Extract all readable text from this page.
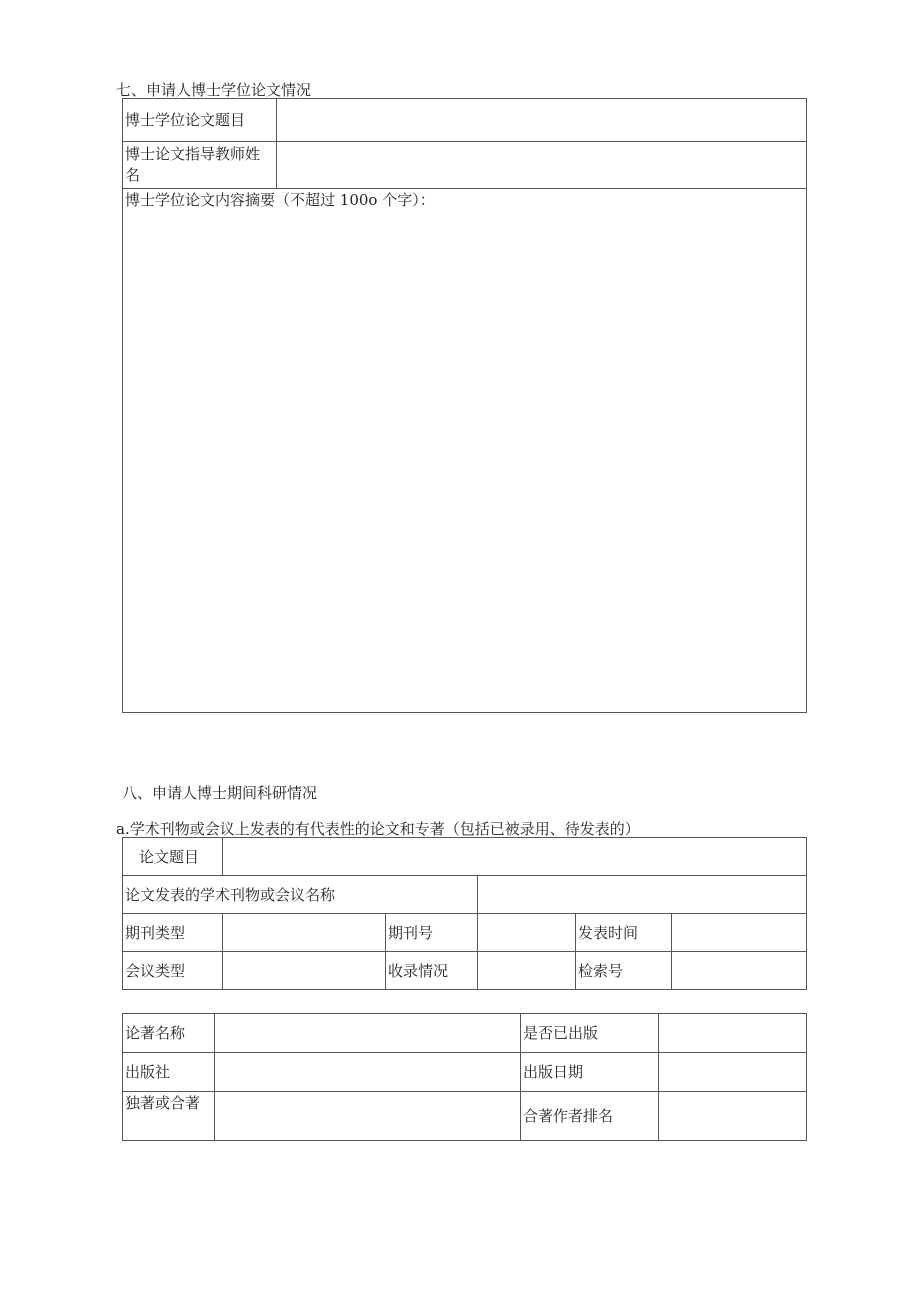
七、申请人博士学位论文情况
博士学位论文题目	

博士论文指导教师姓名	

博士学位论文内容摘要（不超过 100o 个字）：	
八、申请人博士期间科研情况
a.学术刊物或会议上发表的有代表性的论文和专著（包括已被录用、待发表的）
论文题目					
论文发表的学术刊物或会议名称					
期刊类型		期刊号		发表时间	
会议类型		收录情况		检索号	
论著名称		是否已出版	
出版社		出版日期	
独著或合著		合著作者排名	
